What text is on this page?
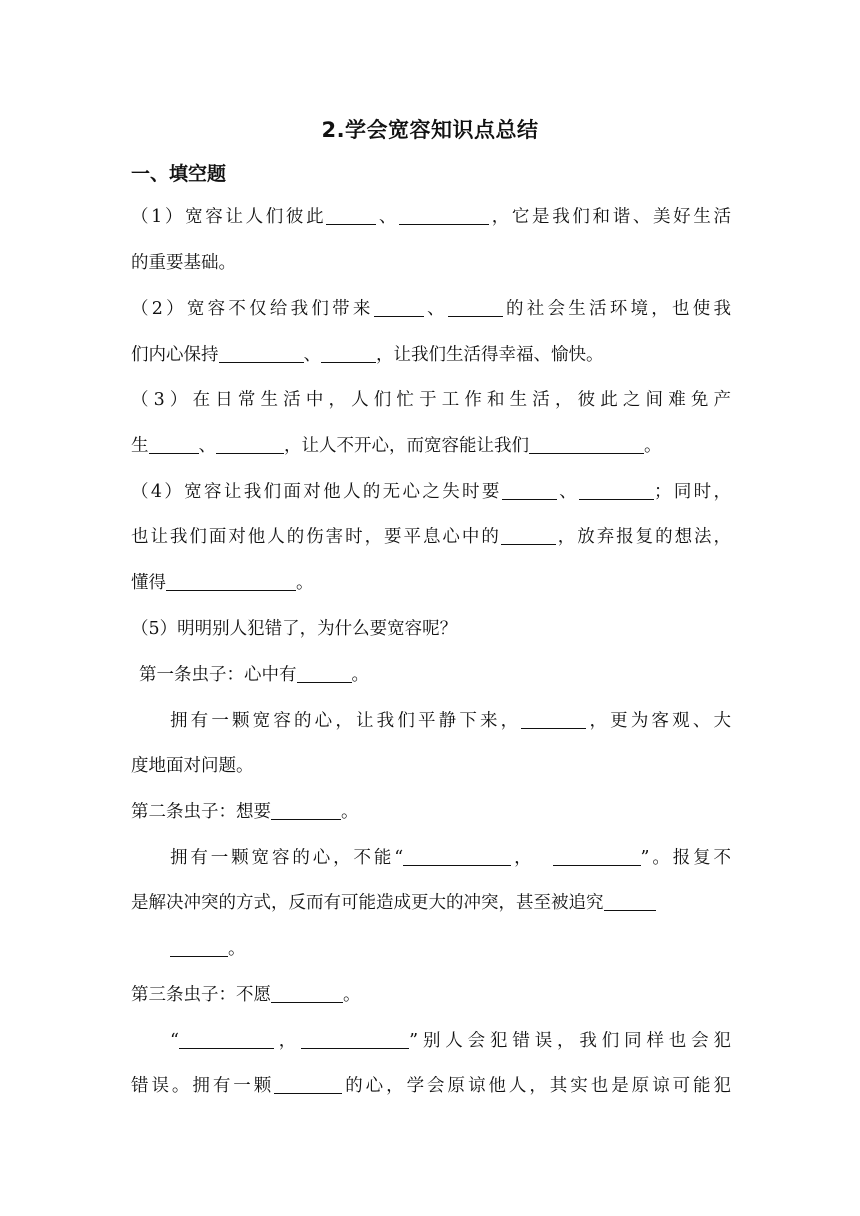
2.学会宽容知识点总结
一、填空题
（1）宽容让人们彼此	、	，它是我们和谐、美好生活
的重要基础。
（2）宽容不仅给我们带来	、	的社会生活环境，也使我
们内心保持	、	，让我们生活得幸福、愉快。
（3）在日常生活中，人们忙于工作和生活，彼此之间难免产
生	、	，让人不开心，而宽容能让我们	。
（4）宽容让我们面对他人的无心之失时要	、	；同时，
也让我们面对他人的伤害时，要平息心中的	，放弃报复的想法，
懂得	。
（5）明明别人犯错了，为什么要宽容呢？
第一条虫子：心中有	。
拥有一颗宽容的心，让我们平静下来，	，更为客观、大
度地面对问题。
第二条虫子：想要	。
拥有一颗宽容的心，不能“	，	”。报复不
是解决冲突的方式，反而有可能造成更大的冲突，甚至被追究
。
第三条虫子：不愿	。
“	，	”别人会犯错误，我们同样也会犯
错误。拥有一颗	的心，学会原谅他人，其实也是原谅可能犯
